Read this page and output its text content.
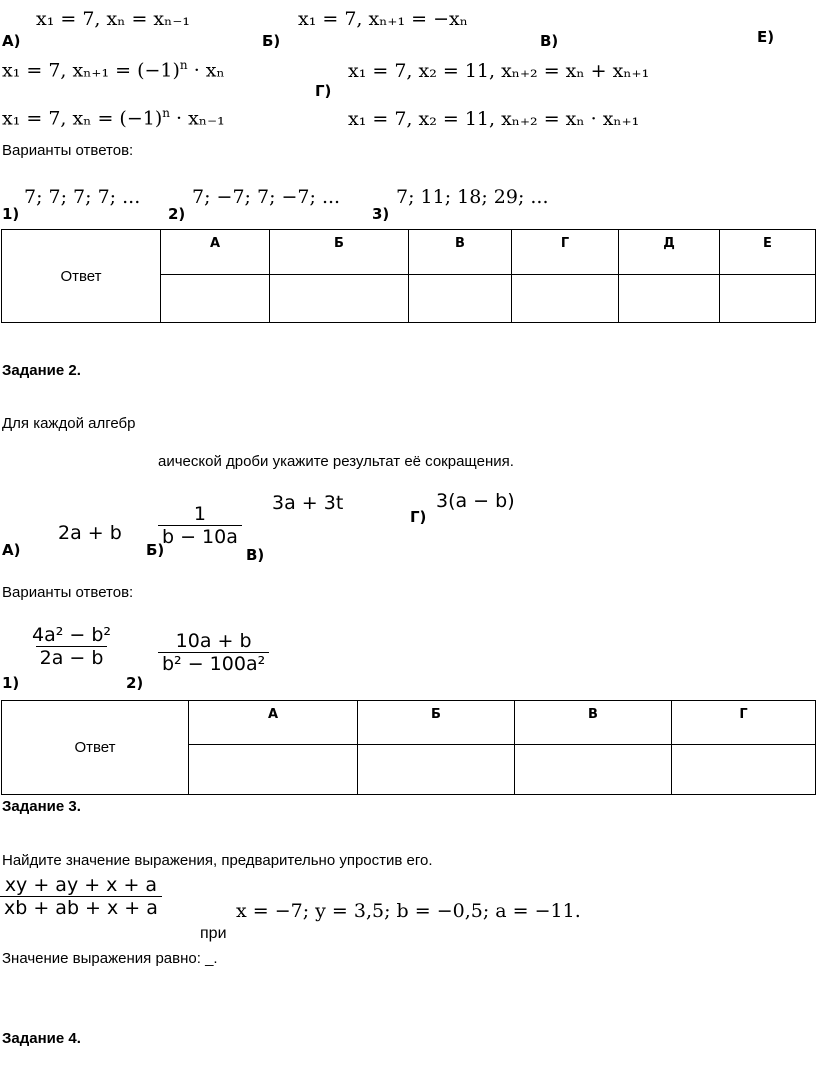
x₁ = 7, xₙ = xₙ₋₁
А)
x₁ = 7, xₙ₊₁ = −xₙ
Б)	В)	Е)
x₁ = 7, $x_{n+1} = (-1)^n \cdot x_n$
Г)
x₁ = 7, x₂ = 11, xₙ₊₂ = xₙ + xₙ₊₁
x₁ = 7, $x_n = (-1)^n \cdot x_{n-1}$	x₁ = 7, x₂ = 11, xₙ₊₂ = xₙ · xₙ₊₁
Варианты ответов:
1)
7; 7; 7; 7; ...
2)
7; −7; 7; −7; ...
3)
7; 11; 18; 29; ...
Ответ	А	Б	В	Г	Д	Е

Задание 2.
Для каждой алгебр
аической дроби укажите результат её сокращения.
А)
2a + b
Б)
$\frac{1}{b - 10a}$
В)
3a + 3t
Г)
3(a − b)
Варианты ответов:
1)
$\frac{\text{4a² − b²}}{2a - b}$
2)
$\frac{10a + b}{\text{b² − 100a²}}$
Ответ	А	Б	В	Г

Задание 3.
Найдите значение выражения, предварительно упростив его.
$\frac{xy + ay + x + a}{xb + ab + x + a}$
при
x = −7; y = 3,5; b = −0,5; a = −11.
Значение выражения равно: _.
Задание 4.
